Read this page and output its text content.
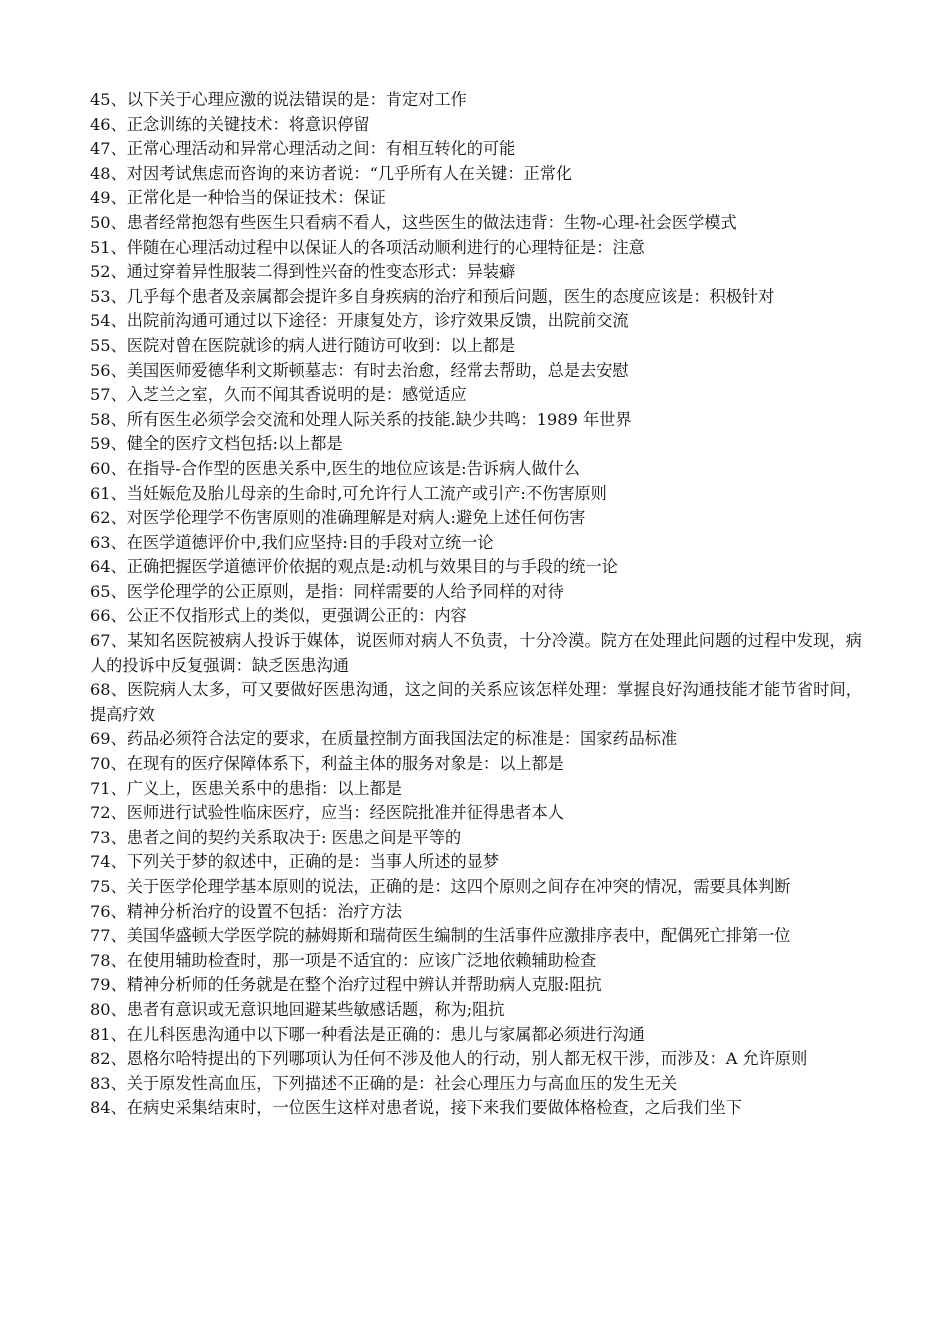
45、以下关于心理应激的说法错误的是：肯定对工作

46、正念训练的关键技术：将意识停留

47、正常心理活动和异常心理活动之间：有相互转化的可能

48、对因考试焦虑而咨询的来访者说：“几乎所有人在关键：正常化

49、正常化是一种恰当的保证技术：保证

50、患者经常抱怨有些医生只看病不看人，这些医生的做法违背：生物-心理-社会医学模式

51、伴随在心理活动过程中以保证人的各项活动顺利进行的心理特征是：注意

52、通过穿着异性服装二得到性兴奋的性变态形式：异装癖

53、几乎每个患者及亲属都会提许多自身疾病的治疗和预后问题，医生的态度应该是：积极针对

54、出院前沟通可通过以下途径：开康复处方，诊疗效果反馈，出院前交流

55、医院对曾在医院就诊的病人进行随访可收到：以上都是

56、美国医师爱德华利文斯顿墓志：有时去治愈，经常去帮助，总是去安慰

57、入芝兰之室，久而不闻其香说明的是：感觉适应

58、所有医生必须学会交流和处理人际关系的技能.缺少共鸣：1989 年世界

59、健全的医疗文档包括:以上都是

60、在指导-合作型的医患关系中,医生的地位应该是:告诉病人做什么

61、当妊娠危及胎儿母亲的生命时,可允许行人工流产或引产:不伤害原则

62、对医学伦理学不伤害原则的准确理解是对病人:避免上述任何伤害

63、在医学道德评价中,我们应坚持:目的手段对立统一论

64、正确把握医学道德评价依据的观点是:动机与效果目的与手段的统一论

65、医学伦理学的公正原则，是指：同样需要的人给予同样的对待

66、公正不仅指形式上的类似，更强调公正的：内容

67、某知名医院被病人投诉于媒体，说医师对病人不负责，十分冷漠。院方在处理此问题的过程中发现，病人的投诉中反复强调：缺乏医患沟通

68、医院病人太多，可又要做好医患沟通，这之间的关系应该怎样处理：掌握良好沟通技能才能节省时间，提高疗效

69、药品必须符合法定的要求，在质量控制方面我国法定的标准是：国家药品标准

70、在现有的医疗保障体系下，利益主体的服务对象是：以上都是

71、广义上，医患关系中的患指：以上都是

72、医师进行试验性临床医疗，应当：经医院批准并征得患者本人

73、患者之间的契约关系取决于: 医患之间是平等的

74、下列关于梦的叙述中，正确的是：当事人所述的显梦

75、关于医学伦理学基本原则的说法，正确的是：这四个原则之间存在冲突的情况，需要具体判断

76、精神分析治疗的设置不包括：治疗方法

77、美国华盛顿大学医学院的赫姆斯和瑞荷医生编制的生活事件应激排序表中，配偶死亡排第一位

78、在使用辅助检查时，那一项是不适宜的：应该广泛地依赖辅助检查

79、精神分析师的任务就是在整个治疗过程中辨认并帮助病人克服:阻抗

80、患者有意识或无意识地回避某些敏感话题，称为;阻抗

81、在儿科医患沟通中以下哪一种看法是正确的：患儿与家属都必须进行沟通

82、恩格尔哈特提出的下列哪项认为任何不涉及他人的行动，别人都无权干涉，而涉及：A 允许原则

83、关于原发性高血压，下列描述不正确的是：社会心理压力与高血压的发生无关

84、在病史采集结束时，一位医生这样对患者说，接下来我们要做体格检查，之后我们坐下
